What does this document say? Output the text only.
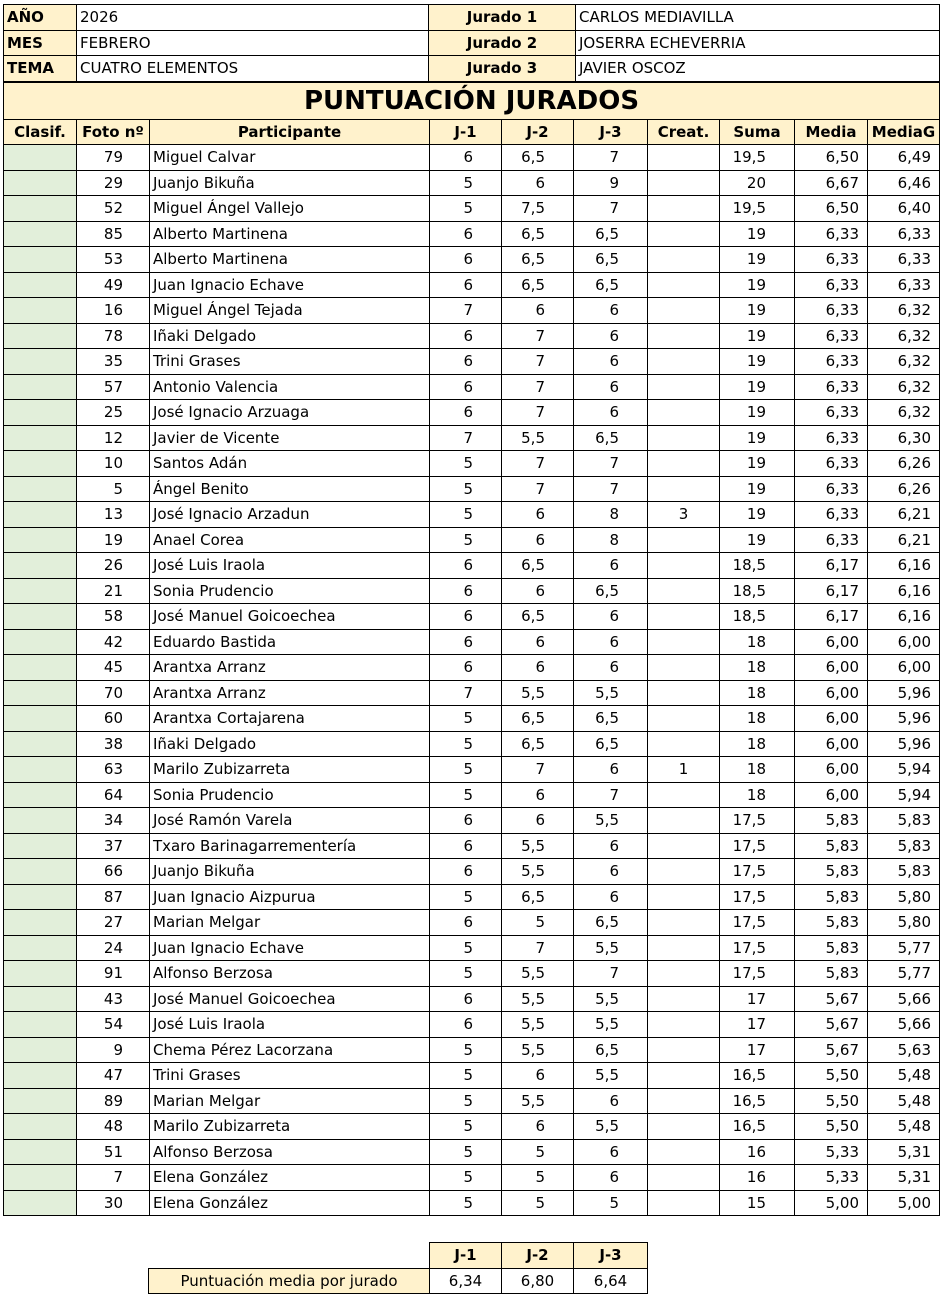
AÑO	2026	Jurado 1	CARLOS MEDIAVILLA
MES	FEBRERO	Jurado 2	JOSERRA ECHEVERRIA
TEMA	CUATRO ELEMENTOS	Jurado 3	JAVIER OSCOZ
PUNTUACIÓN JURADOS									
Clasif.	Foto nº	Participante	J-1	J-2	J-3	Creat.	Suma	Media	MediaG
	79	Miguel Calvar	6	6,5	7		19,5	6,50	6,49
	29	Juanjo Bikuña	5	6	9		20	6,67	6,46
	52	Miguel Ángel Vallejo	5	7,5	7		19,5	6,50	6,40
	85	Alberto Martinena	6	6,5	6,5		19	6,33	6,33
	53	Alberto Martinena	6	6,5	6,5		19	6,33	6,33
	49	Juan Ignacio Echave	6	6,5	6,5		19	6,33	6,33
	16	Miguel Ángel Tejada	7	6	6		19	6,33	6,32
	78	Iñaki Delgado	6	7	6		19	6,33	6,32
	35	Trini Grases	6	7	6		19	6,33	6,32
	57	Antonio Valencia	6	7	6		19	6,33	6,32
	25	José Ignacio Arzuaga	6	7	6		19	6,33	6,32
	12	Javier de Vicente	7	5,5	6,5		19	6,33	6,30
	10	Santos Adán	5	7	7		19	6,33	6,26
	5	Ángel Benito	5	7	7		19	6,33	6,26
	13	José Ignacio Arzadun	5	6	8	3	19	6,33	6,21
	19	Anael Corea	5	6	8		19	6,33	6,21
	26	José Luis Iraola	6	6,5	6		18,5	6,17	6,16
	21	Sonia Prudencio	6	6	6,5		18,5	6,17	6,16
	58	José Manuel Goicoechea	6	6,5	6		18,5	6,17	6,16
	42	Eduardo Bastida	6	6	6		18	6,00	6,00
	45	Arantxa Arranz	6	6	6		18	6,00	6,00
	70	Arantxa Arranz	7	5,5	5,5		18	6,00	5,96
	60	Arantxa Cortajarena	5	6,5	6,5		18	6,00	5,96
	38	Iñaki Delgado	5	6,5	6,5		18	6,00	5,96
	63	Marilo Zubizarreta	5	7	6	1	18	6,00	5,94
	64	Sonia Prudencio	5	6	7		18	6,00	5,94
	34	José Ramón Varela	6	6	5,5		17,5	5,83	5,83
	37	Txaro Barinagarrementería	6	5,5	6		17,5	5,83	5,83
	66	Juanjo Bikuña	6	5,5	6		17,5	5,83	5,83
	87	Juan Ignacio Aizpurua	5	6,5	6		17,5	5,83	5,80
	27	Marian Melgar	6	5	6,5		17,5	5,83	5,80
	24	Juan Ignacio Echave	5	7	5,5		17,5	5,83	5,77
	91	Alfonso Berzosa	5	5,5	7		17,5	5,83	5,77
	43	José Manuel Goicoechea	6	5,5	5,5		17	5,67	5,66
	54	José Luis Iraola	6	5,5	5,5		17	5,67	5,66
	9	Chema Pérez Lacorzana	5	5,5	6,5		17	5,67	5,63
	47	Trini Grases	5	6	5,5		16,5	5,50	5,48
	89	Marian Melgar	5	5,5	6		16,5	5,50	5,48
	48	Marilo Zubizarreta	5	6	5,5		16,5	5,50	5,48
	51	Alfonso Berzosa	5	5	6		16	5,33	5,31
	7	Elena González	5	5	6		16	5,33	5,31
	30	Elena González	5	5	5		15	5,00	5,00
	J-1	J-2	J-3
Puntuación media por jurado	6,34	6,80	6,64
